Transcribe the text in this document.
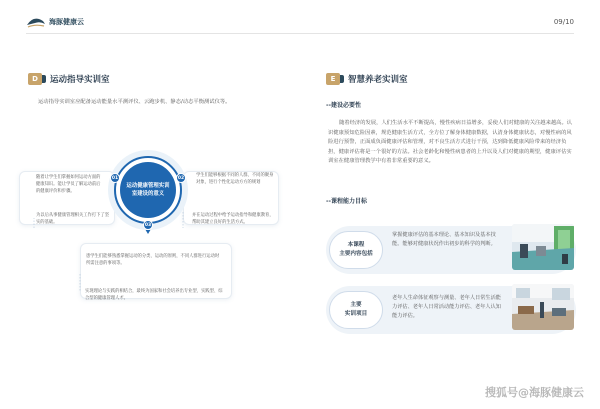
海豚健康云	09/10
D	运动指导实训室

运动指导实训室应配备运动能量水平测评仪、云跑步机、静态/动态平衡测试仪等。

随着让学生们掌握如何运动方面的健康知识。能让学员了解运动前后的健康评价和步骤。
学生们能够根据不同的人群，不同的聚身对象，进行个性化运动方方的规划
患学生们能够熟悉掌握运动的分类、运动的原则，不同人群进行运动时所需注意的事项等。
为以后从事健康管理相关工作打下了坚实的基础。
并在运动过程中给予运动指导和健康教育，帮助其建立良好的生活方式。
实现理论与实践的相结合，最终为国家和社会培养出专业型、实践型、综合型的健康管理人才。
运动健康管理实训室建设的意义
01	02
03
E	智慧养老实训室
--建设必要性

随着经济的发展，人们生活水平不断提高，慢性疾病日益增多，妥使人们对健康的关注越来越高。认识健康预知危险因素，规范健康生活方式，全方位了解身体健康数据，认清身体健康状态，对慢性病的风险进行预警，正面成负面健康评估和管理，对不良生活方式进行干预，达到降低健康风险带来的经济负担，健康评估将是一个很好的方法。社会老龄化和慢性病患者的上升以及人们对健康的期望，健康评估实训室在健康管理教学中有着非常重要的意义。

--课程能力目标
本课程
主要内容包括
掌握健康评估的基本理论、基本知识及基本技能。能够对健康状况作出初步的科学的判断。
主要
实训项目
老年人生命体征观察与测量、老年人日常生活能力评估、老年人日常活动能力评估、老年人认知能力评估。
搜狐号@海豚健康云
